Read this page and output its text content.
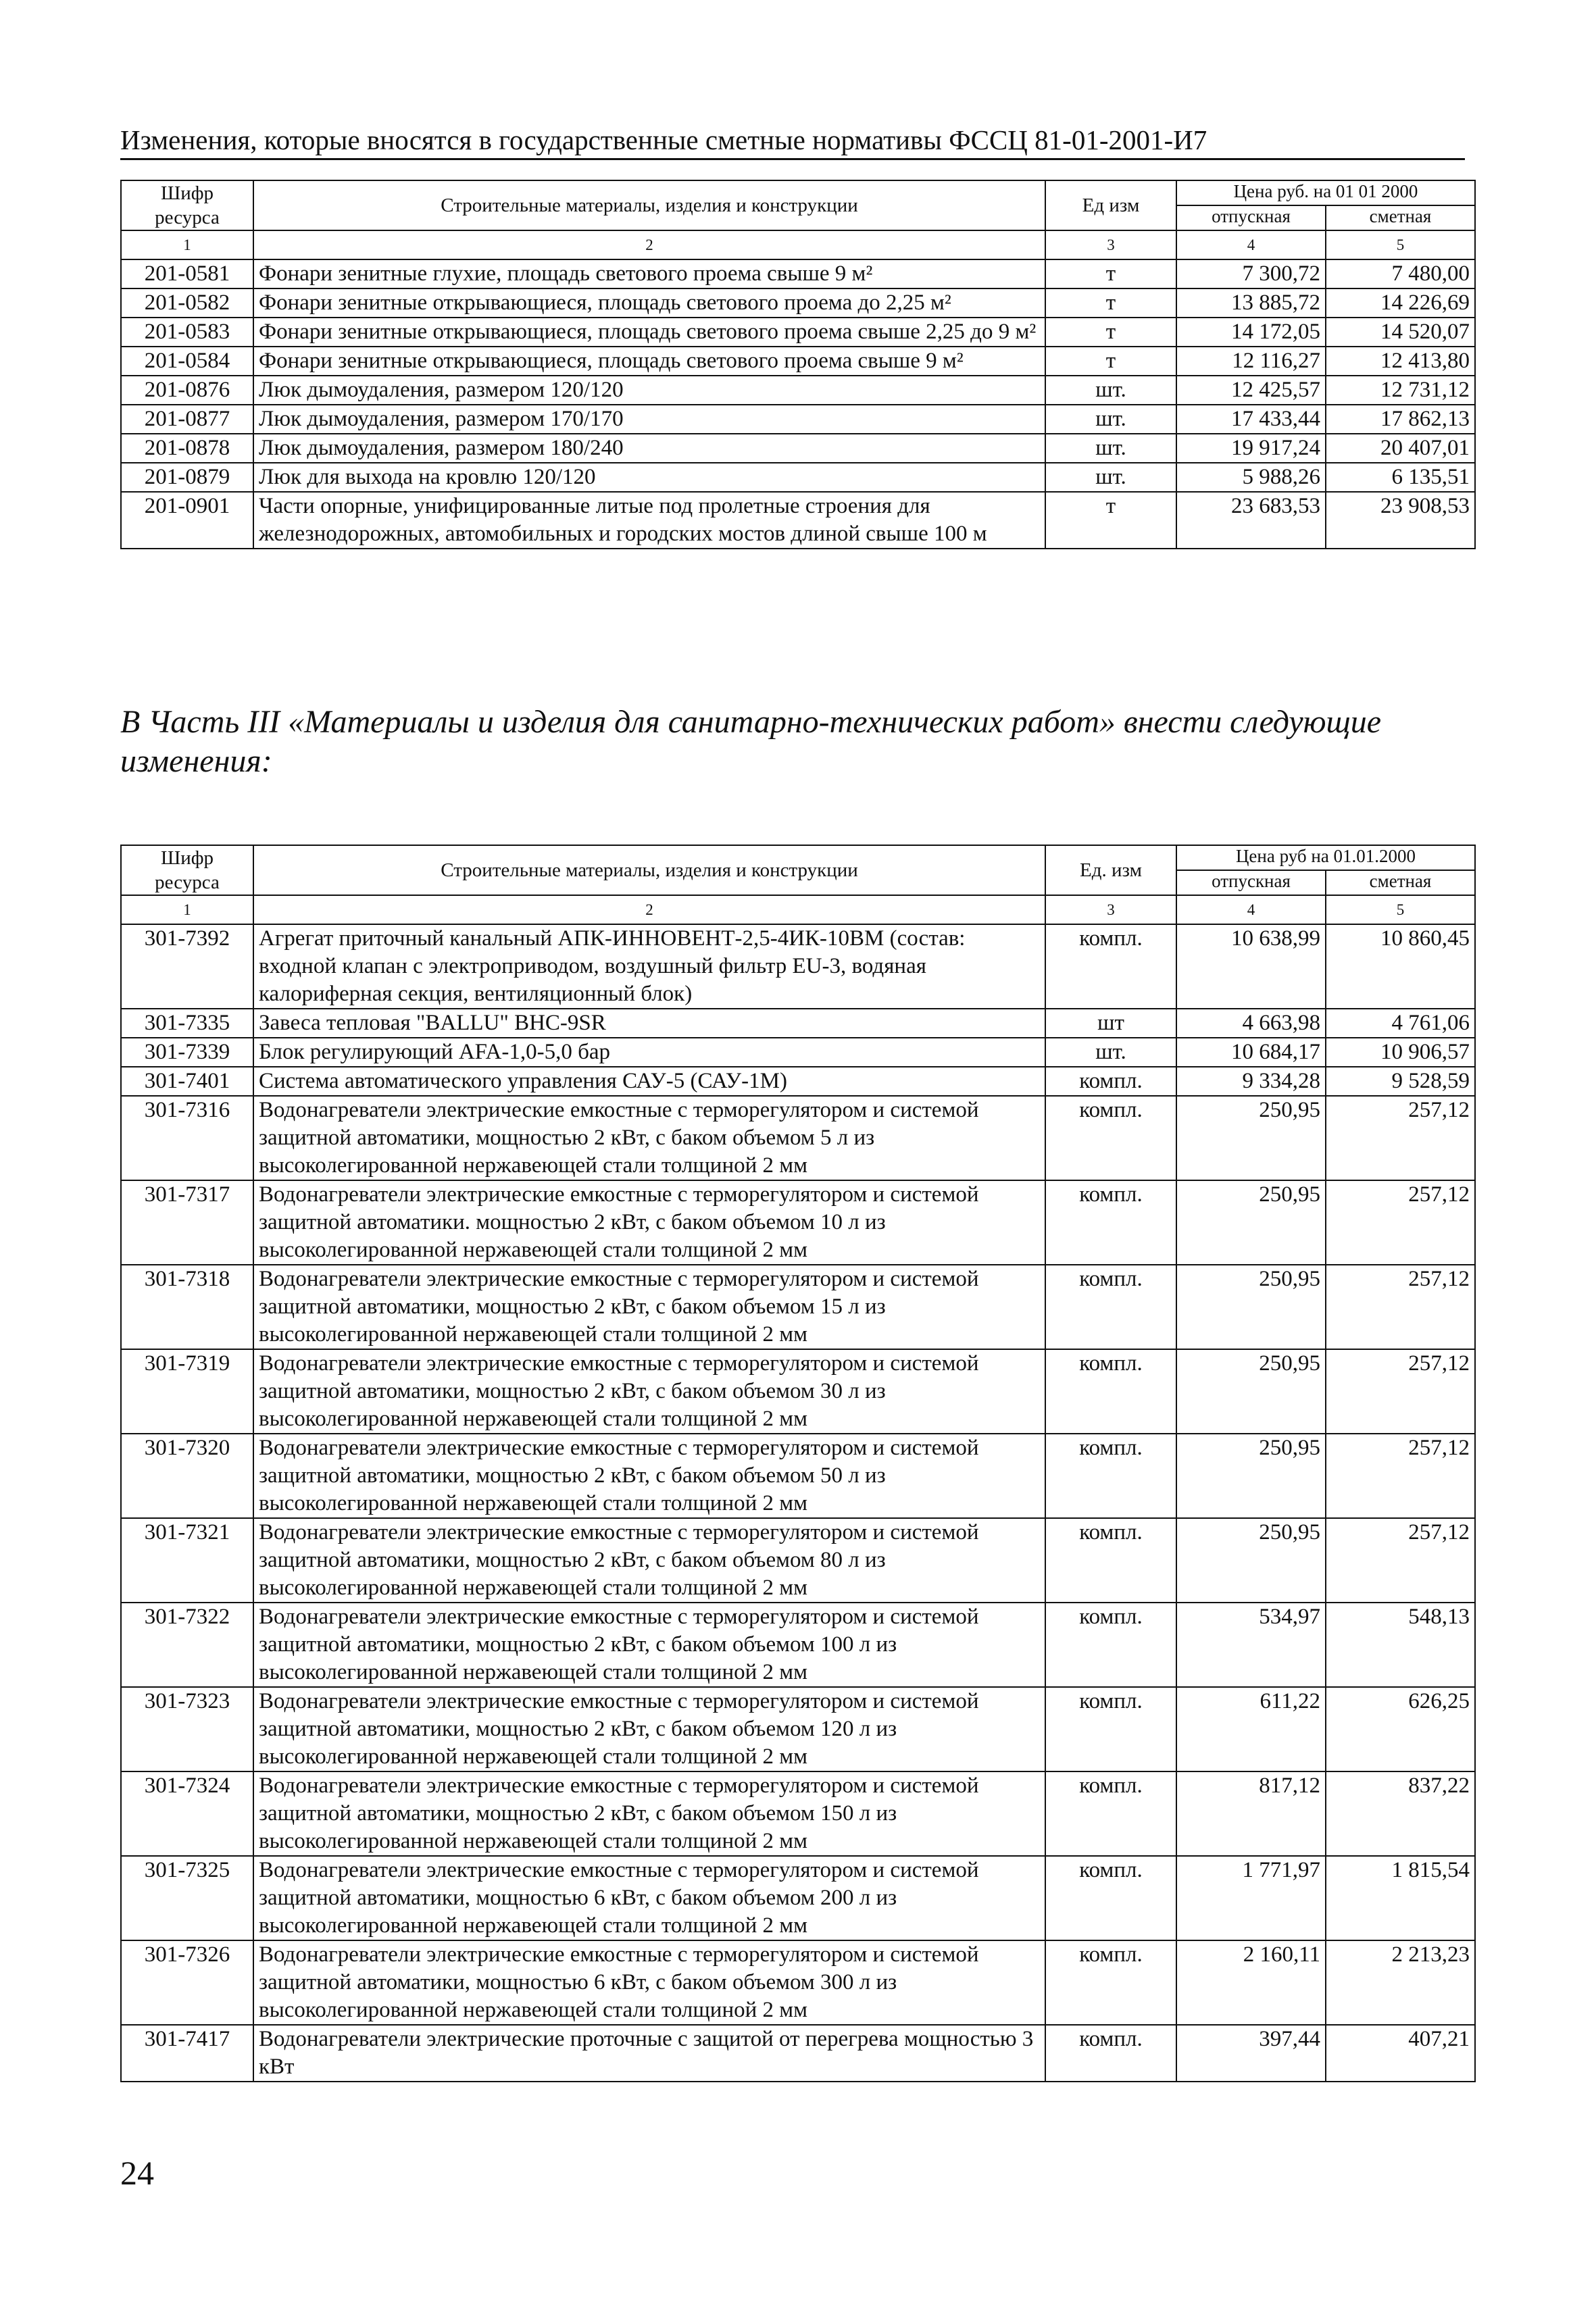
Изменения, которые вносятся в государственные сметные нормативы ФССЦ 81-01-2001-И7
Шифр ресурса	Строительные материалы, изделия и конструкции	Ед изм	Цена руб. на 01 01 2000	
			отпускная	сметная
1	2	3	4	5
201-0581	Фонари зенитные глухие, площадь светового проема свыше 9 м²	т	7 300,72	7 480,00
201-0582	Фонари зенитные открывающиеся, площадь светового проема до 2,25 м²	т	13 885,72	14 226,69
201-0583	Фонари зенитные открывающиеся, площадь светового проема свыше 2,25 до 9 м²	т	14 172,05	14 520,07
201-0584	Фонари зенитные открывающиеся, площадь светового проема свыше 9 м²	т	12 116,27	12 413,80
201-0876	Люк дымоудаления, размером 120/120	шт.	12 425,57	12 731,12
201-0877	Люк дымоудаления, размером 170/170	шт.	17 433,44	17 862,13
201-0878	Люк дымоудаления, размером 180/240	шт.	19 917,24	20 407,01
201-0879	Люк для выхода на кровлю 120/120	шт.	5 988,26	6 135,51
201-0901	Части опорные, унифицированные литые под пролетные строения для железнодорожных, автомобильных и городских мостов длиной свыше 100 м	т	23 683,53	23 908,53
В Часть III «Материалы и изделия для санитарно-технических работ» внести следующие изменения:
Шифр ресурса	Строительные материалы, изделия и конструкции	Ед. изм	Цена руб на 01.01.2000	
			отпускная	сметная
1	2	3	4	5
301-7392	Агрегат приточный канальный АПК-ИННОВЕНТ-2,5-4ИК-10ВМ (состав: входной клапан с электроприводом, воздушный фильтр EU-3, водяная калориферная секция, вентиляционный блок)	компл.	10 638,99	10 860,45
301-7335	Завеса тепловая "BALLU" BHC-9SR	шт	4 663,98	4 761,06
301-7339	Блок регулирующий AFA-1,0-5,0 бар	шт.	10 684,17	10 906,57
301-7401	Система автоматического управления САУ-5 (САУ-1М)	компл.	9 334,28	9 528,59
301-7316	Водонагреватели электрические емкостные с терморегулятором и системой защитной автоматики, мощностью 2 кВт, с баком объемом 5 л из высоколегированной нержавеющей стали толщиной 2 мм	компл.	250,95	257,12
301-7317	Водонагреватели электрические емкостные с терморегулятором и системой защитной автоматики. мощностью 2 кВт, с баком объемом 10 л из высоколегированной нержавеющей стали толщиной 2 мм	компл.	250,95	257,12
301-7318	Водонагреватели электрические емкостные с терморегулятором и системой защитной автоматики, мощностью 2 кВт, с баком объемом 15 л из высоколегированной нержавеющей стали толщиной 2 мм	компл.	250,95	257,12
301-7319	Водонагреватели электрические емкостные с терморегулятором и системой защитной автоматики, мощностью 2 кВт, с баком объемом 30 л из высоколегированной нержавеющей стали толщиной 2 мм	компл.	250,95	257,12
301-7320	Водонагреватели электрические емкостные с терморегулятором и системой защитной автоматики, мощностью 2 кВт, с баком объемом 50 л из высоколегированной нержавеющей стали толщиной 2 мм	компл.	250,95	257,12
301-7321	Водонагреватели электрические емкостные с терморегулятором и системой защитной автоматики, мощностью 2 кВт, с баком объемом 80 л из высоколегированной нержавеющей стали толщиной 2 мм	компл.	250,95	257,12
301-7322	Водонагреватели электрические емкостные с терморегулятором и системой защитной автоматики, мощностью 2 кВт, с баком объемом 100 л из высоколегированной нержавеющей стали толщиной 2 мм	компл.	534,97	548,13
301-7323	Водонагреватели электрические емкостные с терморегулятором и системой защитной автоматики, мощностью 2 кВт, с баком объемом 120 л из высоколегированной нержавеющей стали толщиной 2 мм	компл.	611,22	626,25
301-7324	Водонагреватели электрические емкостные с терморегулятором и системой защитной автоматики, мощностью 2 кВт, с баком объемом 150 л из высоколегированной нержавеющей стали толщиной 2 мм	компл.	817,12	837,22
301-7325	Водонагреватели электрические емкостные с терморегулятором и системой защитной автоматики, мощностью 6 кВт, с баком объемом 200 л из высоколегированной нержавеющей стали толщиной 2 мм	компл.	1 771,97	1 815,54
301-7326	Водонагреватели электрические емкостные с терморегулятором и системой защитной автоматики, мощностью 6 кВт, с баком объемом 300 л из высоколегированной нержавеющей стали толщиной 2 мм	компл.	2 160,11	2 213,23
301-7417	Водонагреватели электрические проточные с защитой от перегрева мощностью 3 кВт	компл.	397,44	407,21
24
